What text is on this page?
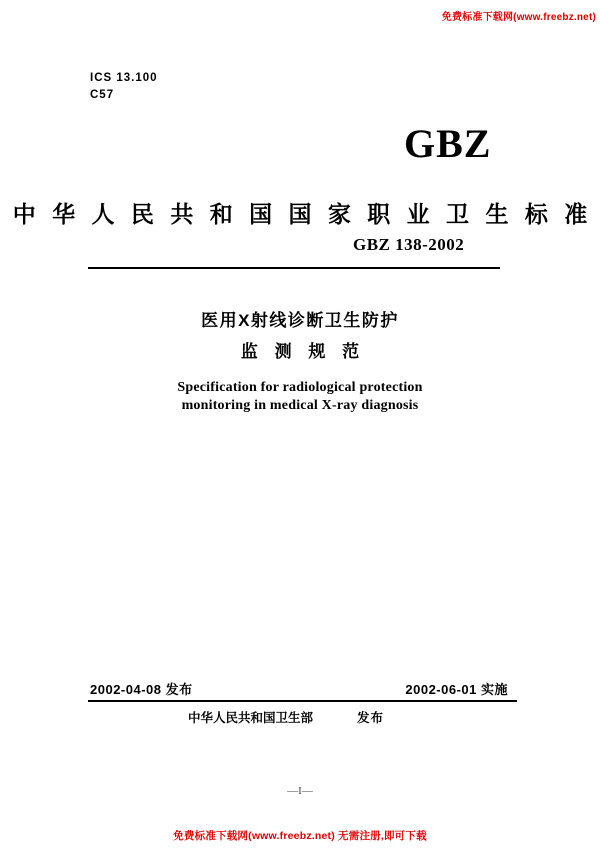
免费标准下载网(www.freebz.net)
ICS 13.100
C57
GBZ
中 华 人 民 共 和 国 国 家 职 业 卫 生 标 准
GBZ 138-2002
医用X射线诊断卫生防护
监 测 规 范
Specification for radiological protection
monitoring in medical X-ray diagnosis
2002-04-08 发布	2002-06-01 实施
中华人民共和国卫生部	发布
—I—
免费标准下载网(www.freebz.net) 无需注册,即可下载
